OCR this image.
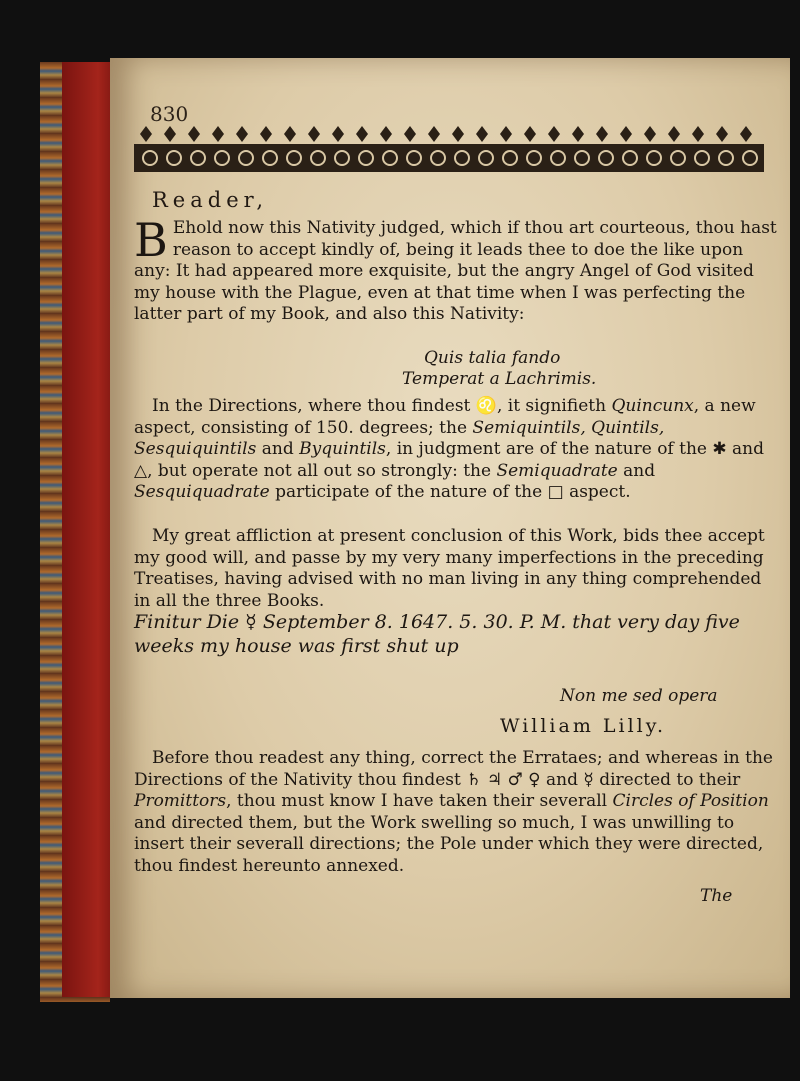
830
Reader,
B Ehold now this Nativity judged, which if thou art courteous, thou hast reason to accept kindly of, being it leads thee to doe the like upon any: It had appeared more exquisite, but the angry Angel of God visited my house with the Plague, even at that time when I was perfecting the latter part of my Book, and also this Nativity:
Quis talia fando
Temperat a Lachrimis.
In the Directions, where thou findest ♌, it signifieth Quincunx, a new aspect, consisting of 150. degrees; the Semiquintils, Quintils, Sesquiquintils and Byquintils, in judgment are of the nature of the ✱ and △, but operate not all out so strongly: the Semiquadrate and Sesquiquadrate participate of the nature of the □ aspect.
My great affliction at present conclusion of this Work, bids thee accept my good will, and passe by my very many imperfections in the preceding Treatises, having advised with no man living in any thing comprehended in all the three Books.
Finitur Die ☿ September 8. 1647. 5. 30. P. M. that very day five weeks my house was first shut up
Non me sed opera
William Lilly.
Before thou readest any thing, correct the Errataes; and whereas in the Directions of the Nativity thou findest ♄ ♃ ♂ ♀ and ☿ directed to their Promittors, thou must know I have taken their severall Circles of Position and directed them, but the Work swelling so much, I was unwilling to insert their severall directions; the Pole under which they were directed, thou findest hereunto annexed.
The
